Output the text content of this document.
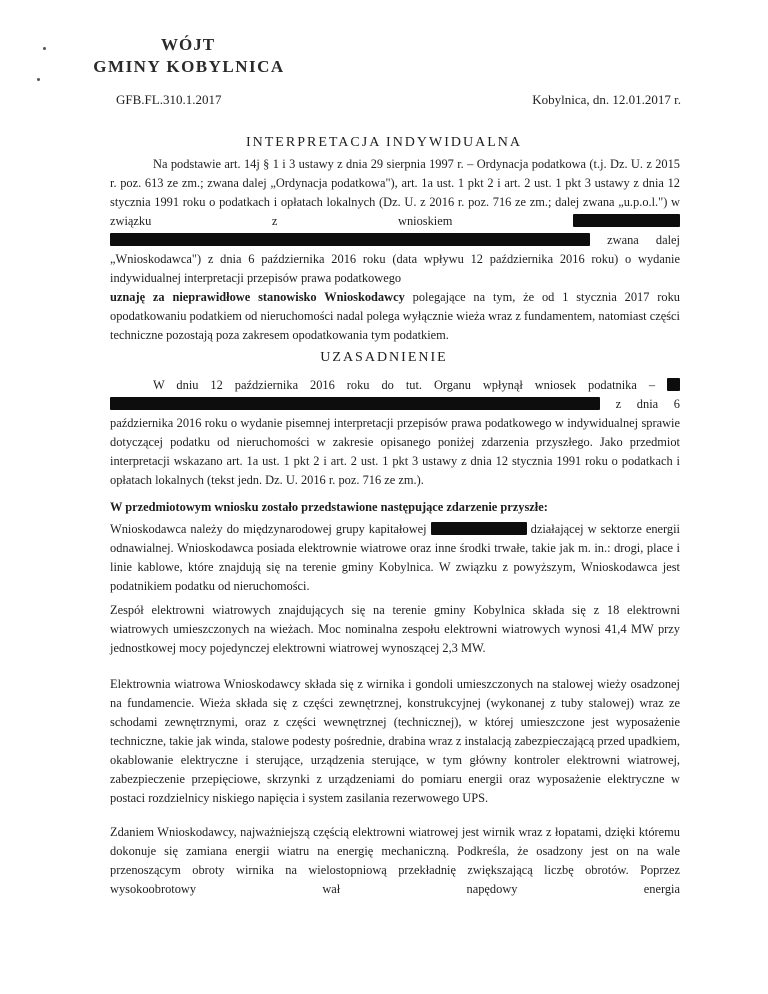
WÓJT
GMINY KOBYLNICA
GFB.FL.310.1.2017	Kobylnica, dn. 12.01.2017 r.
INTERPRETACJA INDYWIDUALNA

Na podstawie art. 14j § 1 i 3 ustawy z dnia 29 sierpnia 1997 r. – Ordynacja podatkowa (t.j. Dz. U. z 2015 r. poz. 613 ze zm.; zwana dalej „Ordynacja podatkowa"), art. 1a ust. 1 pkt 2 i art. 2 ust. 1 pkt 3 ustawy z dnia 12 stycznia 1991 roku o podatkach i opłatach lokalnych (Dz. U. z 2016 r. poz. 716 ze zm.; dalej zwana „u.p.o.l.") w związku z wnioskiem   zwana dalej „Wnioskodawca") z dnia 6 października 2016 roku (data wpływu 12 października 2016 roku) o wydanie indywidualnej interpretacji przepisów prawa podatkowego

uznaję za nieprawidłowe stanowisko Wnioskodawcy polegające na tym, że od 1 stycznia 2017 roku opodatkowaniu podatkiem od nieruchomości nadal polega wyłącznie wieża wraz z fundamentem, natomiast części techniczne pozostają poza zakresem opodatkowania tym podatkiem.

UZASADNIENIE

W dniu 12 października 2016 roku do tut. Organu wpłynął wniosek podatnika –   z dnia 6 października 2016 roku o wydanie pisemnej interpretacji przepisów prawa podatkowego w indywidualnej sprawie dotyczącej podatku od nieruchomości w zakresie opisanego poniżej zdarzenia przyszłego. Jako przedmiot interpretacji wskazano art. 1a ust. 1 pkt 2 i art. 2 ust. 1 pkt 3 ustawy z dnia 12 stycznia 1991 roku o podatkach i opłatach lokalnych (tekst jedn. Dz. U. 2016 r. poz. 716 ze zm.).

W przedmiotowym wniosku zostało przedstawione następujące zdarzenie przyszłe:

Wnioskodawca należy do międzynarodowej grupy kapitałowej	działającej w sektorze energii odnawialnej. Wnioskodawca posiada elektrownie wiatrowe oraz inne środki trwałe, takie jak m. in.: drogi, place i linie kablowe, które znajdują się na terenie gminy Kobylnica. W związku z powyższym, Wnioskodawca jest podatnikiem podatku od nieruchomości.

Zespół elektrowni wiatrowych znajdujących się na terenie gminy Kobylnica składa się z 18 elektrowni wiatrowych umieszczonych na wieżach. Moc nominalna zespołu elektrowni wiatrowych wynosi 41,4 MW przy jednostkowej mocy pojedynczej elektrowni wiatrowej wynoszącej 2,3 MW.
Elektrownia wiatrowa Wnioskodawcy składa się z wirnika i gondoli umieszczonych na stalowej wieży osadzonej na fundamencie. Wieża składa się z części zewnętrznej, konstrukcyjnej (wykonanej z tuby stalowej) wraz ze schodami zewnętrznymi, oraz z części wewnętrznej (technicznej), w której umieszczone jest wyposażenie techniczne, takie jak winda, stalowe podesty pośrednie, drabina wraz z instalacją zabezpieczającą przed upadkiem, okablowanie elektryczne i sterujące, urządzenia sterujące, w tym główny kontroler elektrowni wiatrowej, zabezpieczenie przepięciowe, skrzynki z urządzeniami do pomiaru energii oraz wyposażenie elektryczne w postaci rozdzielnicy niskiego napięcia i system zasilania rezerwowego UPS.
Zdaniem Wnioskodawcy, najważniejszą częścią elektrowni wiatrowej jest wirnik wraz z łopatami, dzięki któremu dokonuje się zamiana energii wiatru na energię mechaniczną. Podkreśla, że osadzony jest on na wale przenoszącym obroty wirnika na wielostopniową przekładnię zwiększającą liczbę obrotów. Poprzez wysokoobrotowy wał napędowy energia
